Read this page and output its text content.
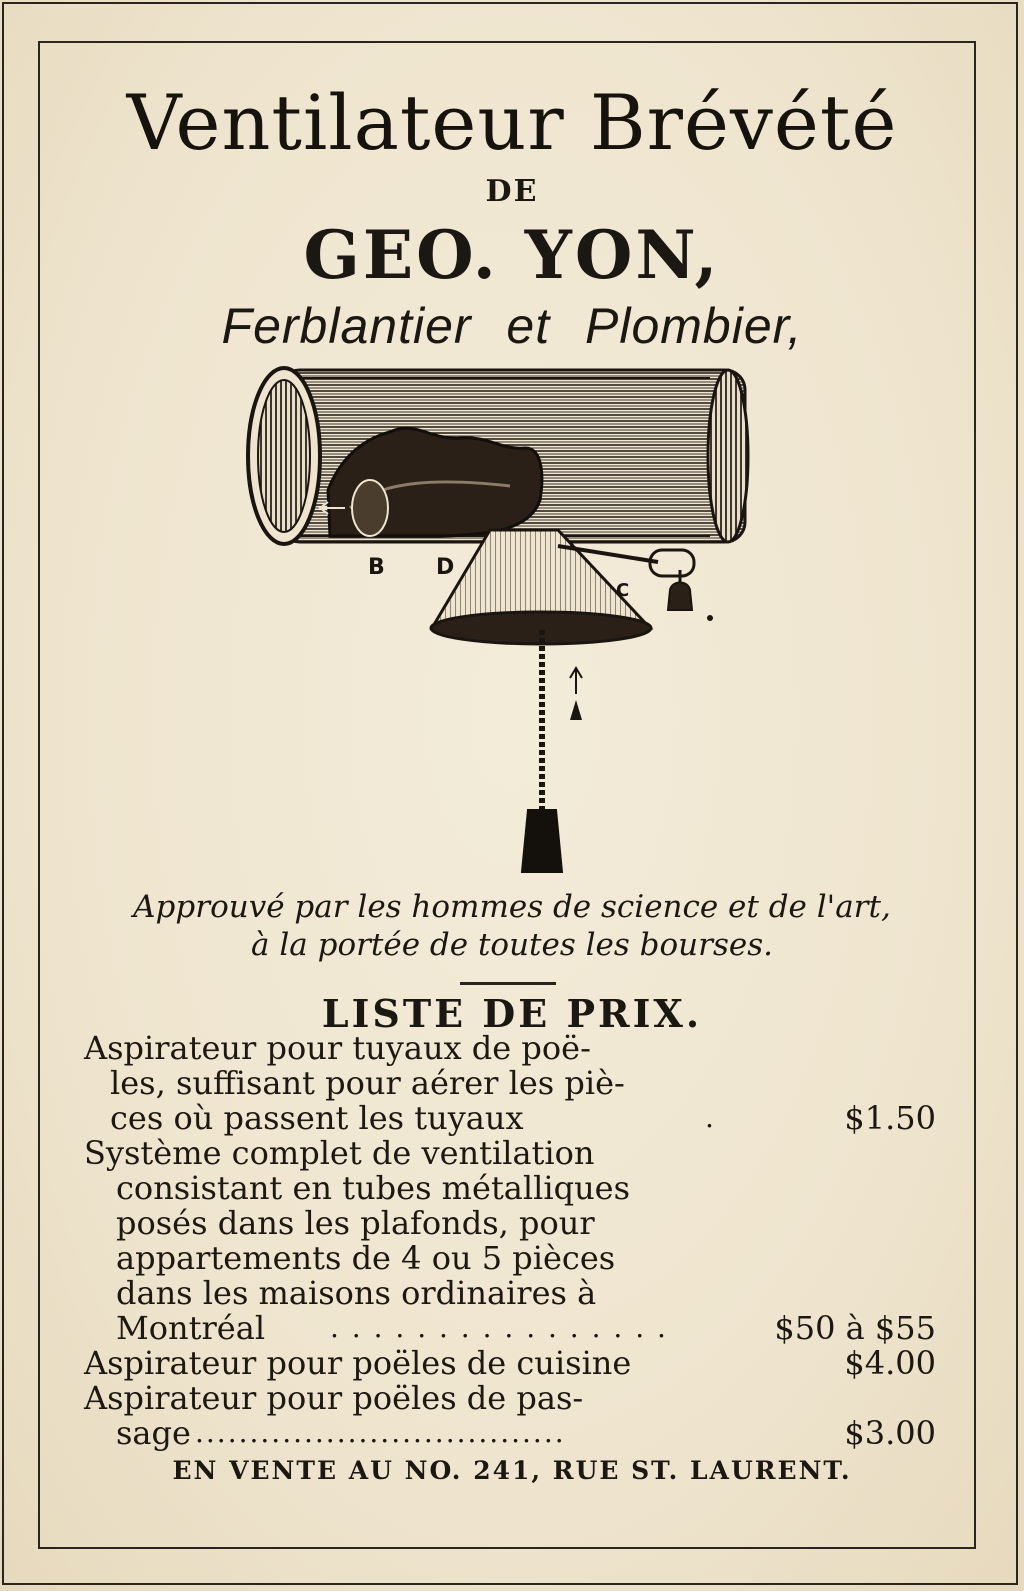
Ventilateur Brévété
DE
GEO. YON,
Ferblantier et Plombier,
B D
C
Approuvé par les hommes de science et de l'art,
à la portée de toutes les bourses.
LISTE DE PRIX.
Aspirateur pour tuyaux de poë-
les, suffisant pour aérer les piè-
ces où passent les tuyaux	.	$1.50
Système complet de ventilation
consistant en tubes métalliques
posés dans les plafonds, pour
appartements de 4 ou 5 pièces
dans les maisons ordinaires à
Montréal . . . . . . . . . . . . . . . .	$50 à $55
Aspirateur pour poëles de cuisine	$4.00
Aspirateur pour poëles de pas-
sage ..................................	$3.00
EN VENTE AU NO. 241, RUE ST. LAURENT.
